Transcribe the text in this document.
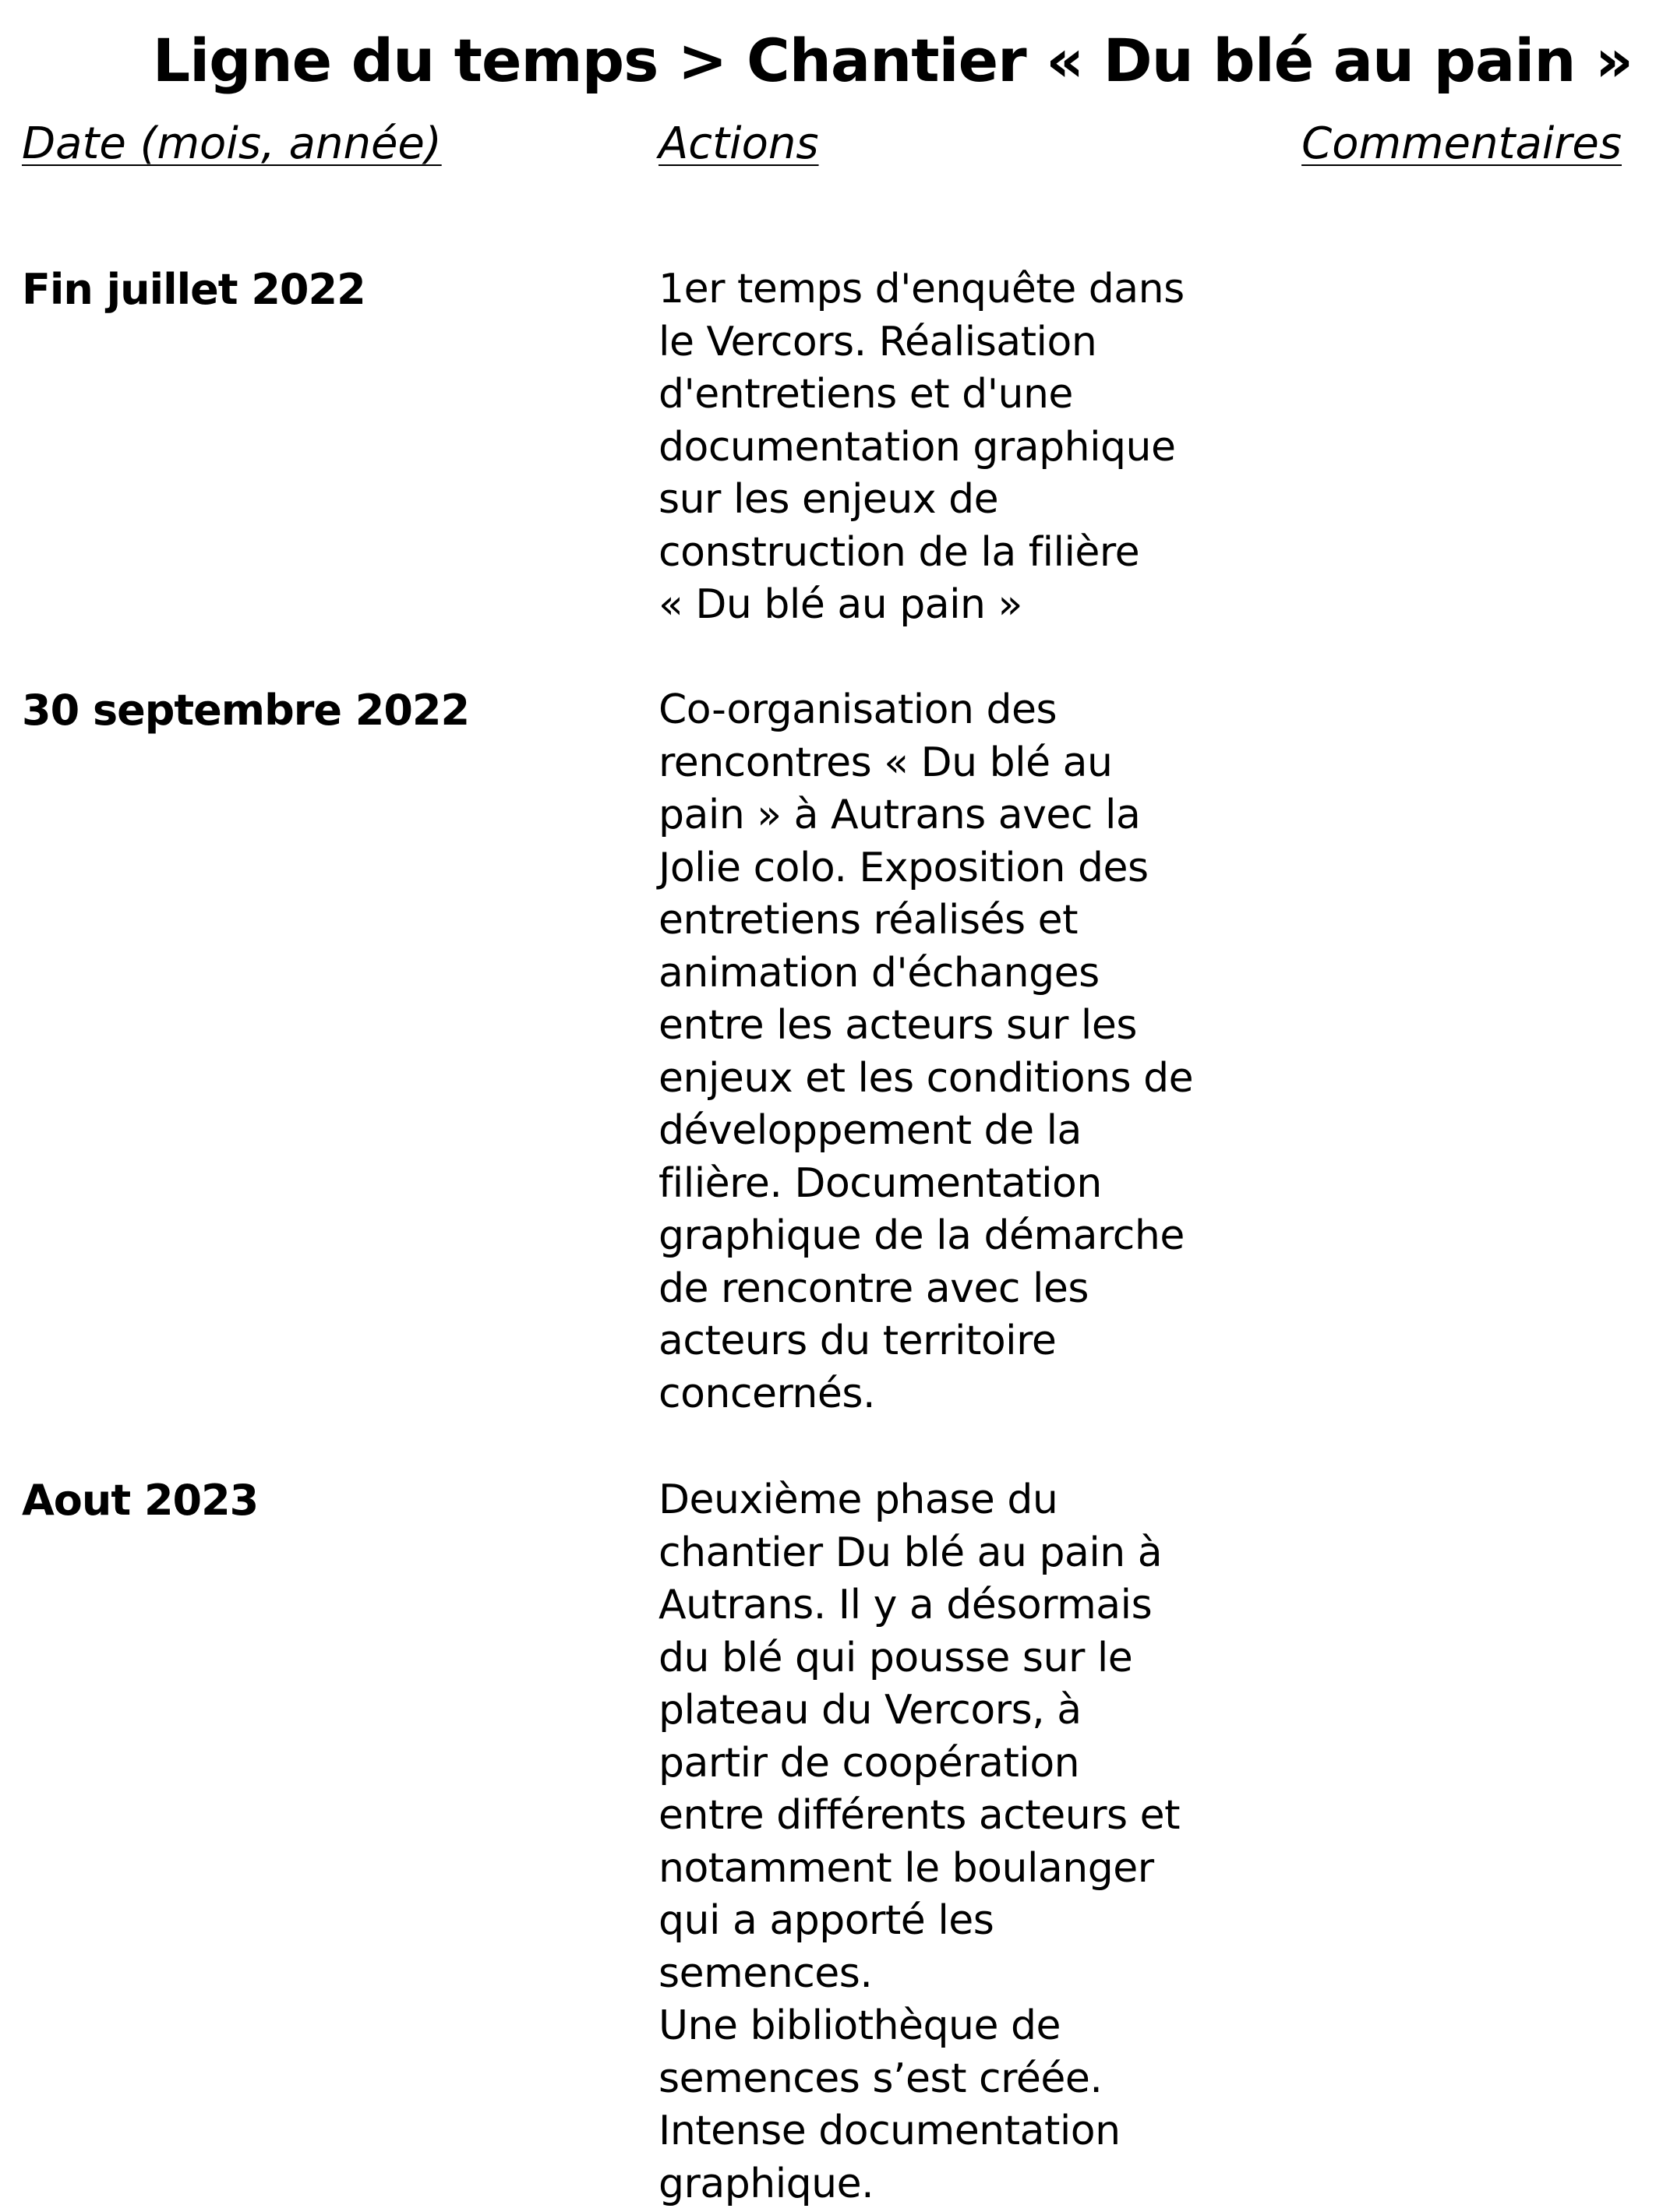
Ligne du temps > Chantier « Du blé au pain »
Date (mois, année)	Actions	Commentaires
Fin juillet 2022	1er temps d'enquête dans
le Vercors. Réalisation
d'entretiens et d'une
documentation graphique
sur les enjeux de
construction de la filière
« Du blé au pain »
30 septembre 2022	Co-organisation des
rencontres « Du blé au
pain » à Autrans avec la
Jolie colo. Exposition des
entretiens réalisés et
animation d'échanges
entre les acteurs sur les
enjeux et les conditions de
développement de la
filière. Documentation
graphique de la démarche
de rencontre avec les
acteurs du territoire
concernés.
Aout 2023	Deuxième phase du
chantier Du blé au pain à
Autrans. Il y a désormais
du blé qui pousse sur le
plateau du Vercors, à
partir de coopération
entre différents acteurs et
notamment le boulanger
qui a apporté les
semences.
Une bibliothèque de
semences s’est créée.
Intense documentation
graphique.
